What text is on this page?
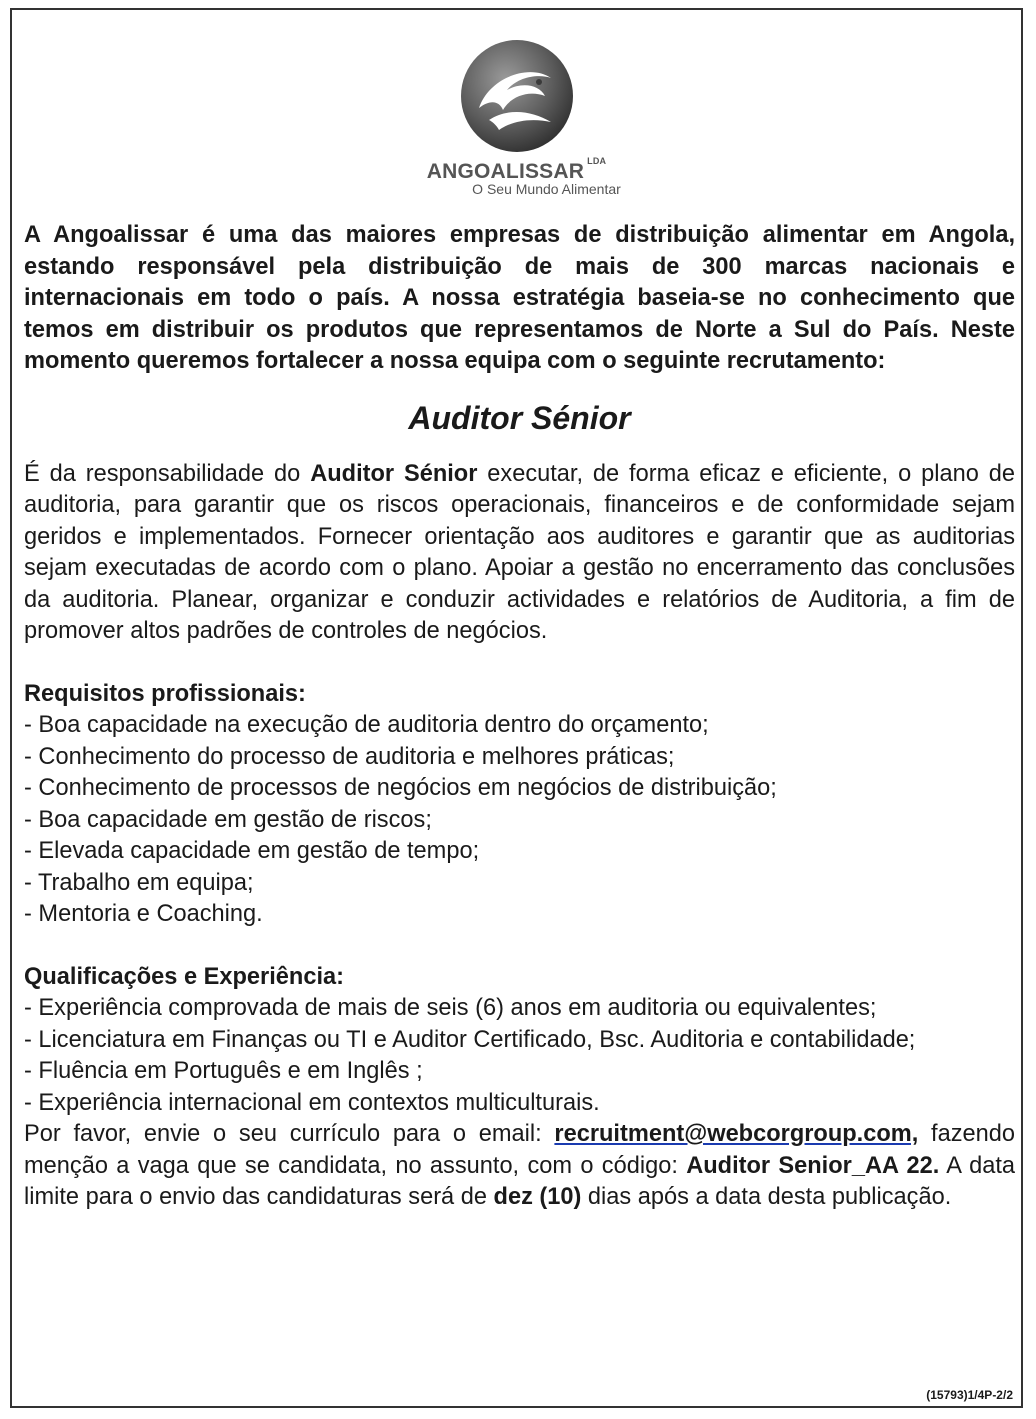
ANGOALISSAR $^{LDA}$
O Seu Mundo Alimentar

A Angoalissar é uma das maiores empresas de distribuição alimentar em Angola, estando responsável pela distribuição de mais de 300 marcas nacionais e internacionais em todo o país. A nossa estratégia baseia-se no conhecimento que temos em distribuir os produtos que representamos de Norte a Sul do País. Neste momento queremos fortalecer a nossa equipa com o seguinte recrutamento:

Auditor Sénior

É da responsabilidade do Auditor Sénior executar, de forma eficaz e eficiente, o plano de auditoria, para garantir que os riscos operacionais, financeiros e de conformidade sejam geridos e implementados. Fornecer orientação aos auditores e garantir que as auditorias sejam executadas de acordo com o plano. Apoiar a gestão no encerramento das conclusões da auditoria. Planear, organizar e conduzir actividades e relatórios de Auditoria, a fim de promover altos padrões de controles de negócios.

Requisitos profissionais:
- Boa capacidade na execução de auditoria dentro do orçamento;
- Conhecimento do processo de auditoria e melhores práticas;
- Conhecimento de processos de negócios em negócios de distribuição;
- Boa capacidade em gestão de riscos;
- Elevada capacidade em gestão de tempo;
- Trabalho em equipa;
- Mentoria e Coaching.
Qualificações e Experiência:
- Experiência comprovada de mais de seis (6) anos em auditoria ou equivalentes;
- Licenciatura em Finanças ou TI e Auditor Certificado, Bsc. Auditoria e contabilidade;
- Fluência em Português e em Inglês ;
- Experiência internacional em contextos multiculturais.

Por favor, envie o seu currículo para o email: recruitment@webcorgroup.com, fazendo menção a vaga que se candidata, no assunto, com o código: Auditor Senior_AA 22. A data limite para o envio das candidaturas será de dez (10) dias após a data desta publicação.

(15793)1/4P-2/2
